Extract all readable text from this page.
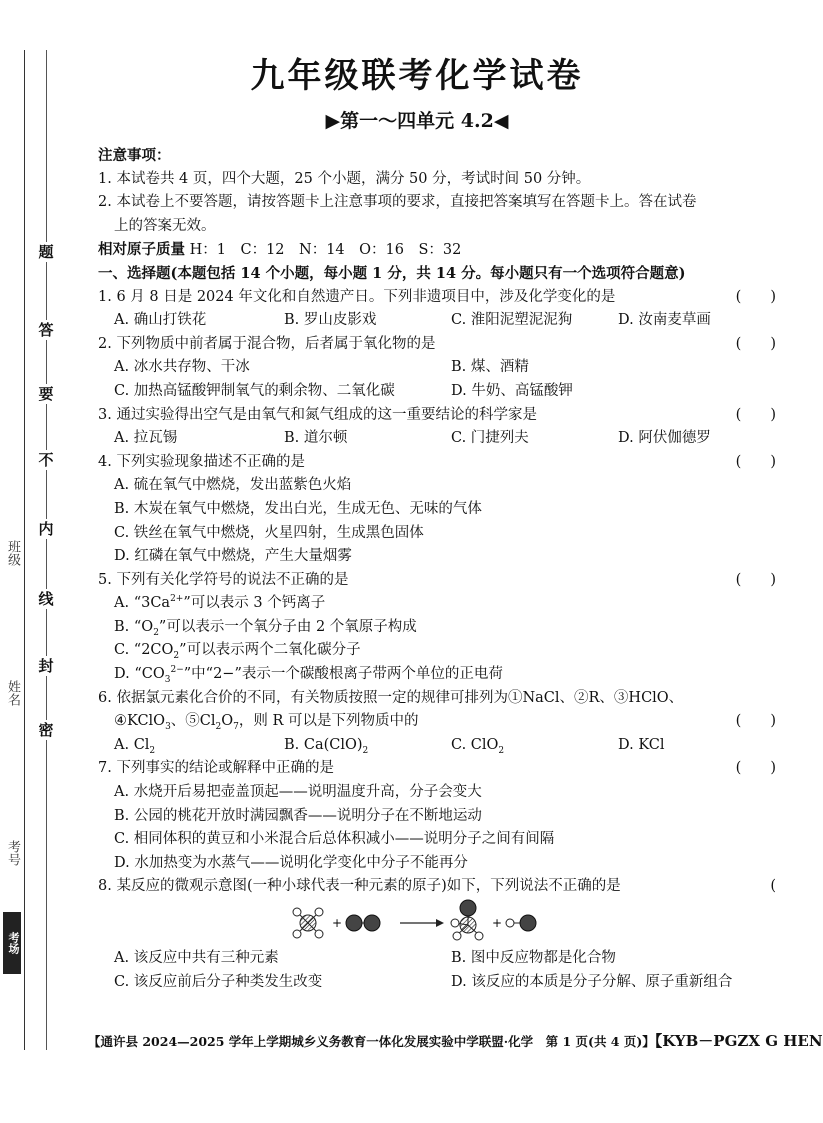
题
答
要
不
内
线
封
密
班级
姓名
考号
考场
九年级联考化学试卷
▶第一～四单元 4.2◀
注意事项：
1. 本试卷共 4 页，四个大题，25 个小题，满分 50 分，考试时间 50 分钟。
2. 本试卷上不要答题，请按答题卡上注意事项的要求，直接把答案填写在答题卡上。答在试卷
上的答案无效。
相对原子质量 H：1　C：12　N：14　O：16　S：32
一、选择题(本题包括 14 个小题，每小题 1 分，共 14 分。每小题只有一个选项符合题意)
1. 6 月 8 日是 2024 年文化和自然遗产日。下列非遗项目中，涉及化学变化的是	(　　)
A. 确山打铁花	B. 罗山皮影戏	C. 淮阳泥塑泥泥狗	D. 汝南麦草画
2. 下列物质中前者属于混合物，后者属于氧化物的是	(　　)
A. 冰水共存物、干冰	B. 煤、酒精
C. 加热高锰酸钾制氧气的剩余物、二氧化碳	D. 牛奶、高锰酸钾
3. 通过实验得出空气是由氧气和氮气组成的这一重要结论的科学家是	(　　)
A. 拉瓦锡	B. 道尔顿	C. 门捷列夫	D. 阿伏伽德罗
4. 下列实验现象描述不正确的是	(　　)
A. 硫在氧气中燃烧，发出蓝紫色火焰
B. 木炭在氧气中燃烧，发出白光，生成无色、无味的气体
C. 铁丝在氧气中燃烧，火星四射，生成黑色固体
D. 红磷在氧气中燃烧，产生大量烟雾
5. 下列有关化学符号的说法不正确的是	(　　)
A. “$3Ca^{2+}$”可以表示 3 个钙离子
B. “$O_2$”可以表示一个氧分子由 2 个氧原子构成
C. “$2CO_2$”可以表示两个二氧化碳分子
D. “$CO_3^{2-}$”中“2−”表示一个碳酸根离子带两个单位的正电荷
6. 依据氯元素化合价的不同，有关物质按照一定的规律可排列为①NaCl、②R、③HClO、
④KClO$_3$、$⑤Cl_2O_7$，则 R 可以是下列物质中的	(　　)
A. $Cl_2$	B. $Ca(ClO)_2$	C. ClO$_2$	D. KCl
7. 下列事实的结论或解释中正确的是	(　　)
A. 水烧开后易把壶盖顶起——说明温度升高，分子会变大
B. 公园的桃花开放时满园飘香——说明分子在不断地运动
C. 相同体积的黄豆和小米混合后总体积减小——说明分子之间有间隔
D. 水加热变为水蒸气——说明化学变化中分子不能再分
8. 某反应的微观示意图(一种小球代表一种元素的原子)如下，下列说法不正确的是	(
+	+
A. 该反应中共有三种元素	B. 图中反应物都是化合物
C. 该反应前后分子种类发生改变	D. 该反应的本质是分子分解、原子重新组合
【通许县 2024—2025 学年上学期城乡义务教育一体化发展实验中学联盟·化学　第 1 页(共 4 页)】【KYB－PGZX G HEN
